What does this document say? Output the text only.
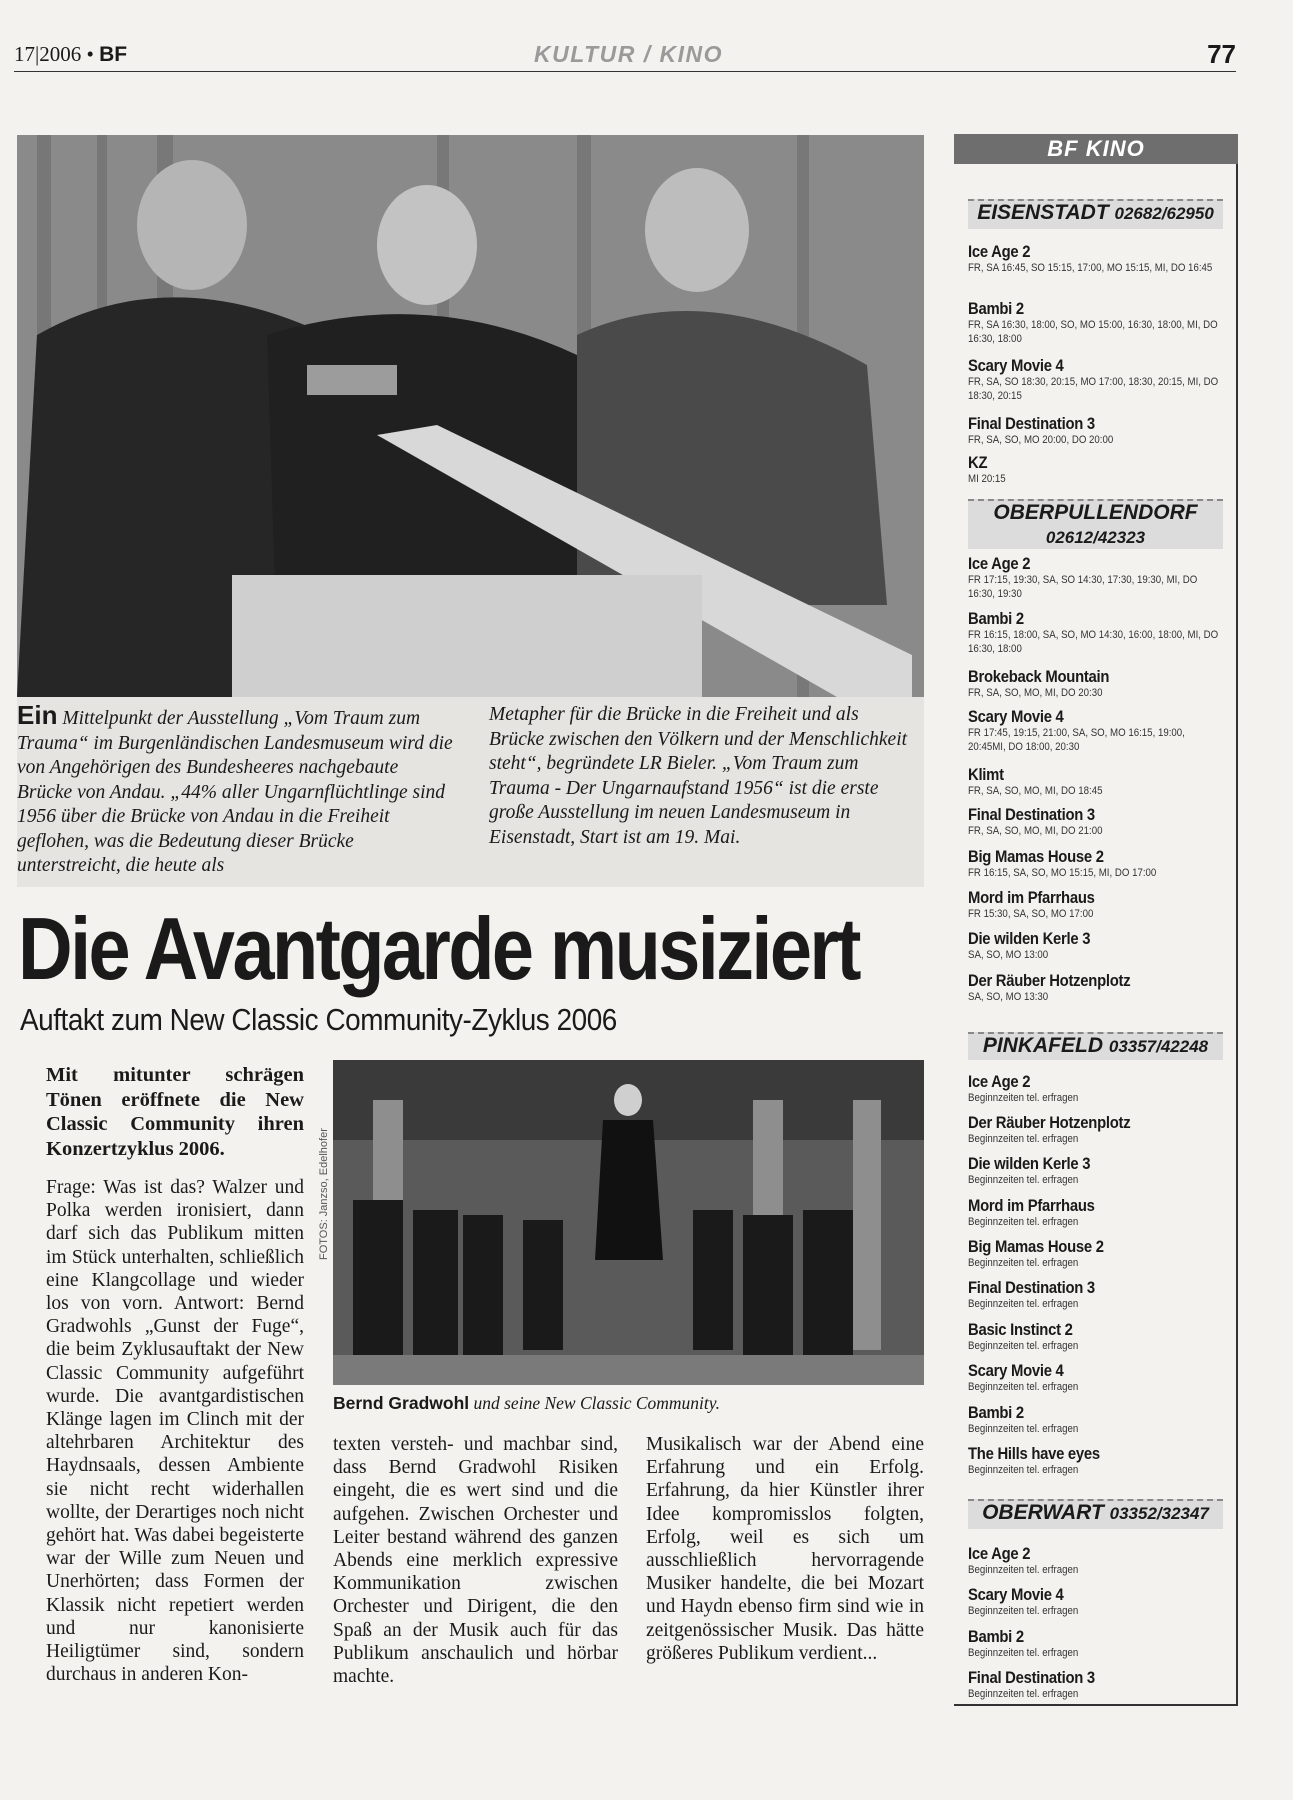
17|2006 • BF	KULTUR / KINO	77
Ein Mittelpunkt der Ausstellung „Vom Traum zum Trauma“ im Burgenländischen Landesmuseum wird die von Angehörigen des Bundesheeres nachgebaute Brücke von Andau. „44% aller Ungarnflüchtlinge sind 1956 über die Brücke von Andau in die Freiheit geflohen, was die Bedeutung dieser Brücke unterstreicht, die heute als
Metapher für die Brücke in die Freiheit und als Brücke zwischen den Völkern und der Menschlichkeit steht“, begründete LR Bieler. „Vom Traum zum Trauma - Der Ungarnaufstand 1956“ ist die erste große Ausstellung im neuen Landesmuseum in Eisenstadt, Start ist am 19. Mai.
Die Avantgarde musiziert
Auftakt zum New Classic Community-Zyklus 2006
Mit mitunter schrägen Tönen eröffnete die New Classic Community ihren Konzertzyklus 2006.	FOTOS: Janzso, Edelhofer
Bernd Gradwohl und seine New Classic Community.
Frage: Was ist das? Walzer und Polka werden ironisiert, dann darf sich das Publikum mitten im Stück unterhalten, schließlich eine Klangcollage und wieder los von vorn. Antwort: Bernd Gradwohls „Gunst der Fuge“, die beim Zyklusauftakt der New Classic Community aufgeführt wurde. Die avantgardistischen Klänge lagen im Clinch mit der altehrbaren Architektur des Haydnsaals, dessen Ambiente sie nicht recht widerhallen wollte, der Derartiges noch nicht gehört hat. Was dabei begeisterte war der Wille zum Neuen und Unerhörten; dass Formen der Klassik nicht repetiert werden und nur kanonisierte Heiligtümer sind, sondern durchaus in anderen Kon-
texten versteh- und machbar sind, dass Bernd Gradwohl Risiken eingeht, die es wert sind und die aufgehen. Zwischen Orchester und Leiter bestand während des ganzen Abends eine merklich expressive Kommunikation zwischen Orchester und Dirigent, die den Spaß an der Musik auch für das Publikum anschaulich und hörbar machte.
Musikalisch war der Abend eine Erfahrung und ein Erfolg. Erfahrung, da hier Künstler ihrer Idee kompromisslos folgten, Erfolg, weil es sich um ausschließlich hervorragende Musiker handelte, die bei Mozart und Haydn ebenso firm sind wie in zeitgenössischer Musik. Das hätte größeres Publikum verdient...
BF KINO
EISENSTADT 02682/62950
Ice Age 2
FR, SA 16:45, SO 15:15, 17:00, MO 15:15, MI, DO 16:45
Bambi 2
FR, SA 16:30, 18:00, SO, MO 15:00, 16:30, 18:00, MI, DO 16:30, 18:00
Scary Movie 4
FR, SA, SO 18:30, 20:15, MO 17:00, 18:30, 20:15, MI, DO 18:30, 20:15
Final Destination 3
FR, SA, SO, MO 20:00, DO 20:00
KZ
MI 20:15
OBERPULLENDORF
02612/42323
Ice Age 2
FR 17:15, 19:30, SA, SO 14:30, 17:30, 19:30, MI, DO 16:30, 19:30
Bambi 2
FR 16:15, 18:00, SA, SO, MO 14:30, 16:00, 18:00, MI, DO 16:30, 18:00
Brokeback Mountain
FR, SA, SO, MO, MI, DO 20:30
Scary Movie 4
FR 17:45, 19:15, 21:00, SA, SO, MO 16:15, 19:00, 20:45MI, DO 18:00, 20:30
Klimt
FR, SA, SO, MO, MI, DO 18:45
Final Destination 3
FR, SA, SO, MO, MI, DO 21:00
Big Mamas House 2
FR 16:15, SA, SO, MO 15:15, MI, DO 17:00
Mord im Pfarrhaus
FR 15:30, SA, SO, MO 17:00
Die wilden Kerle 3
SA, SO, MO 13:00
Der Räuber Hotzenplotz
SA, SO, MO 13:30
PINKAFELD 03357/42248
Ice Age 2
Beginnzeiten tel. erfragen
Der Räuber Hotzenplotz
Beginnzeiten tel. erfragen
Die wilden Kerle 3
Beginnzeiten tel. erfragen
Mord im Pfarrhaus
Beginnzeiten tel. erfragen
Big Mamas House 2
Beginnzeiten tel. erfragen
Final Destination 3
Beginnzeiten tel. erfragen
Basic Instinct 2
Beginnzeiten tel. erfragen
Scary Movie 4
Beginnzeiten tel. erfragen
Bambi 2
Beginnzeiten tel. erfragen
The Hills have eyes
Beginnzeiten tel. erfragen
OBERWART 03352/32347
Ice Age 2
Beginnzeiten tel. erfragen
Scary Movie 4
Beginnzeiten tel. erfragen
Bambi 2
Beginnzeiten tel. erfragen
Final Destination 3
Beginnzeiten tel. erfragen
